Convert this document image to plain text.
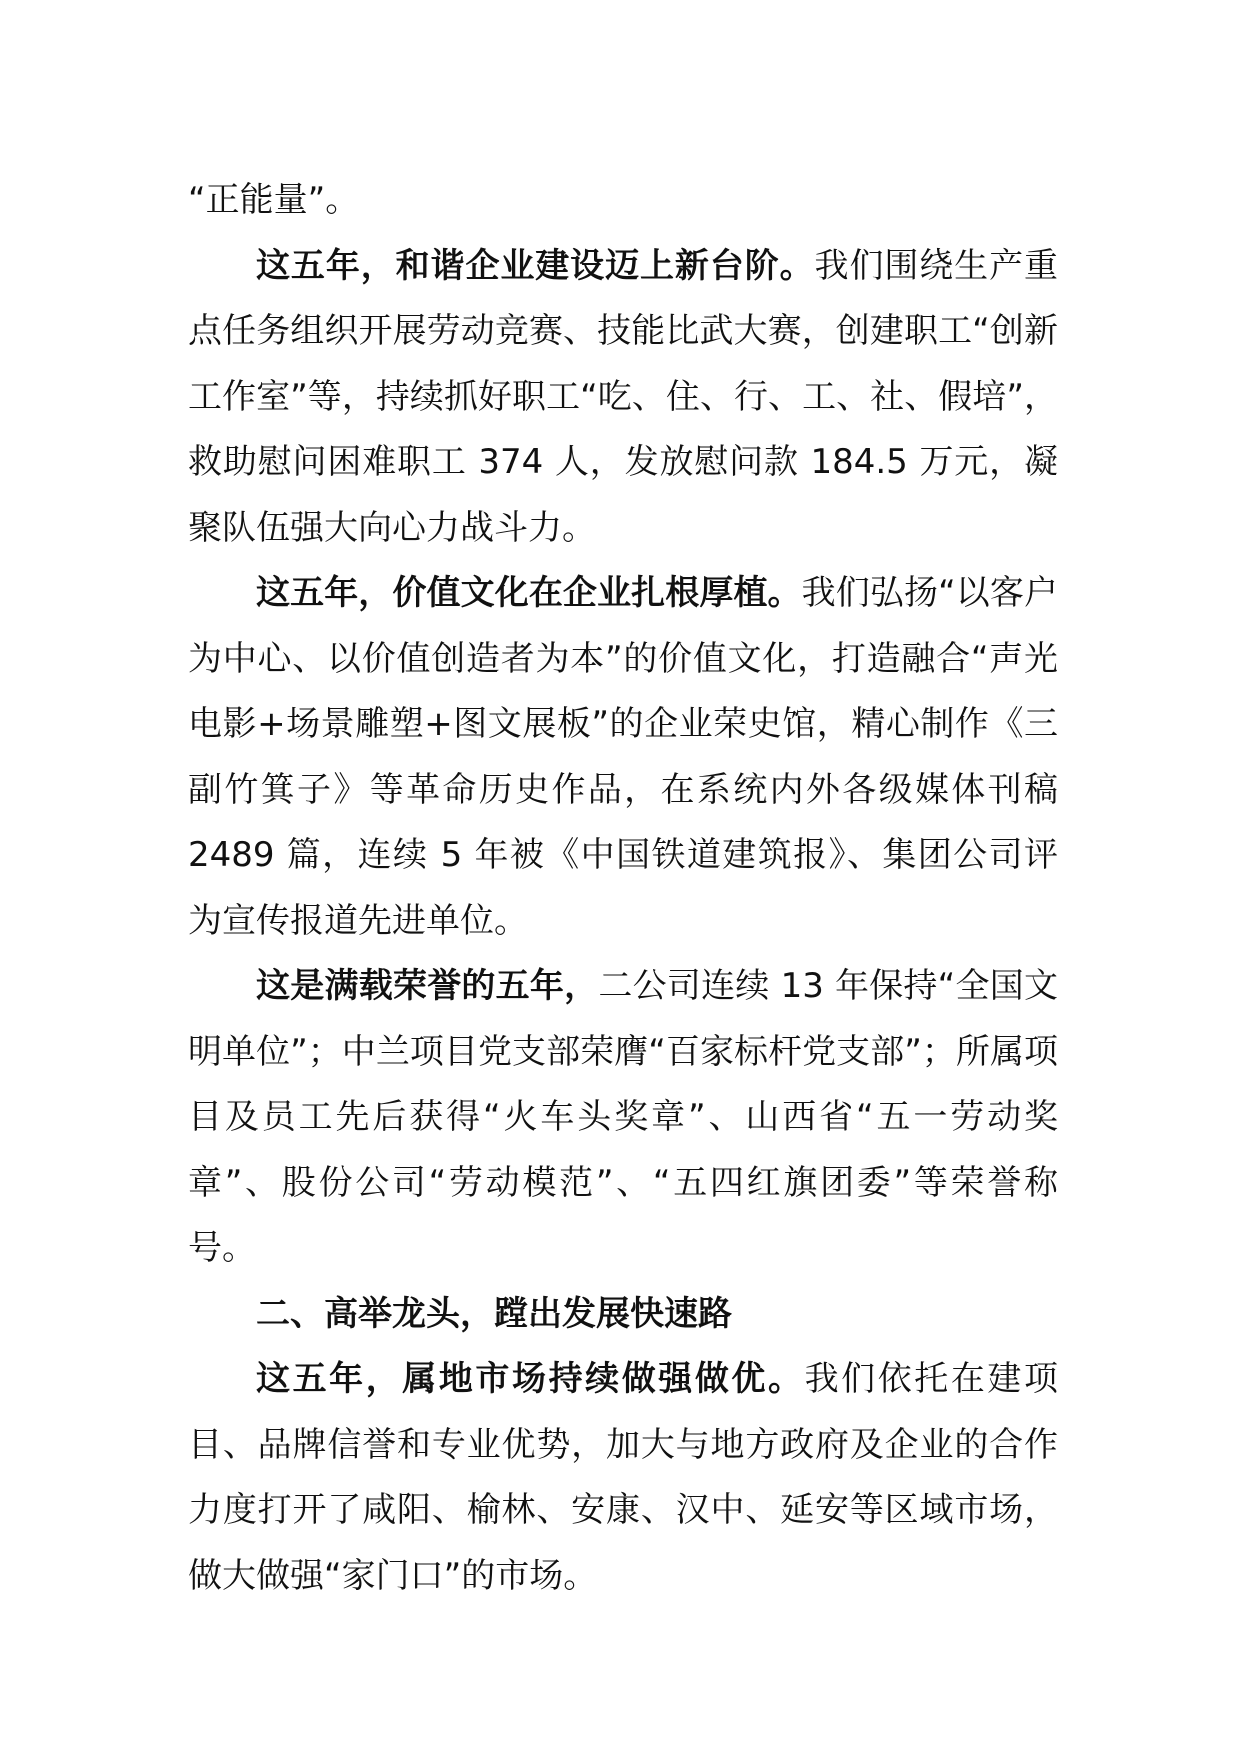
“正能量”。

这五年，和谐企业建设迈上新台阶。我们围绕生产重点任务组织开展劳动竞赛、技能比武大赛，创建职工“创新工作室”等，持续抓好职工“吃、住、行、工、社、假培”，救助慰问困难职工 374 人，发放慰问款 184.5 万元，凝聚队伍强大向心力战斗力。

这五年，价值文化在企业扎根厚植。我们弘扬“以客户为中心、以价值创造者为本”的价值文化，打造融合“声光电影+场景雕塑+图文展板”的企业荣史馆，精心制作《三副竹箕子》等革命历史作品，在系统内外各级媒体刊稿 2489 篇，连续 5 年被《中国铁道建筑报》、集团公司评为宣传报道先进单位。

这是满载荣誉的五年，二公司连续 13 年保持“全国文明单位”；中兰项目党支部荣膺“百家标杆党支部”；所属项目及员工先后获得“火车头奖章”、山西省“五一劳动奖章”、股份公司“劳动模范”、“五四红旗团委”等荣誉称号。

二、高举龙头，蹚出发展快速路

这五年，属地市场持续做强做优。我们依托在建项目、品牌信誉和专业优势，加大与地方政府及企业的合作力度打开了咸阳、榆林、安康、汉中、延安等区域市场，做大做强“家门口”的市场。
